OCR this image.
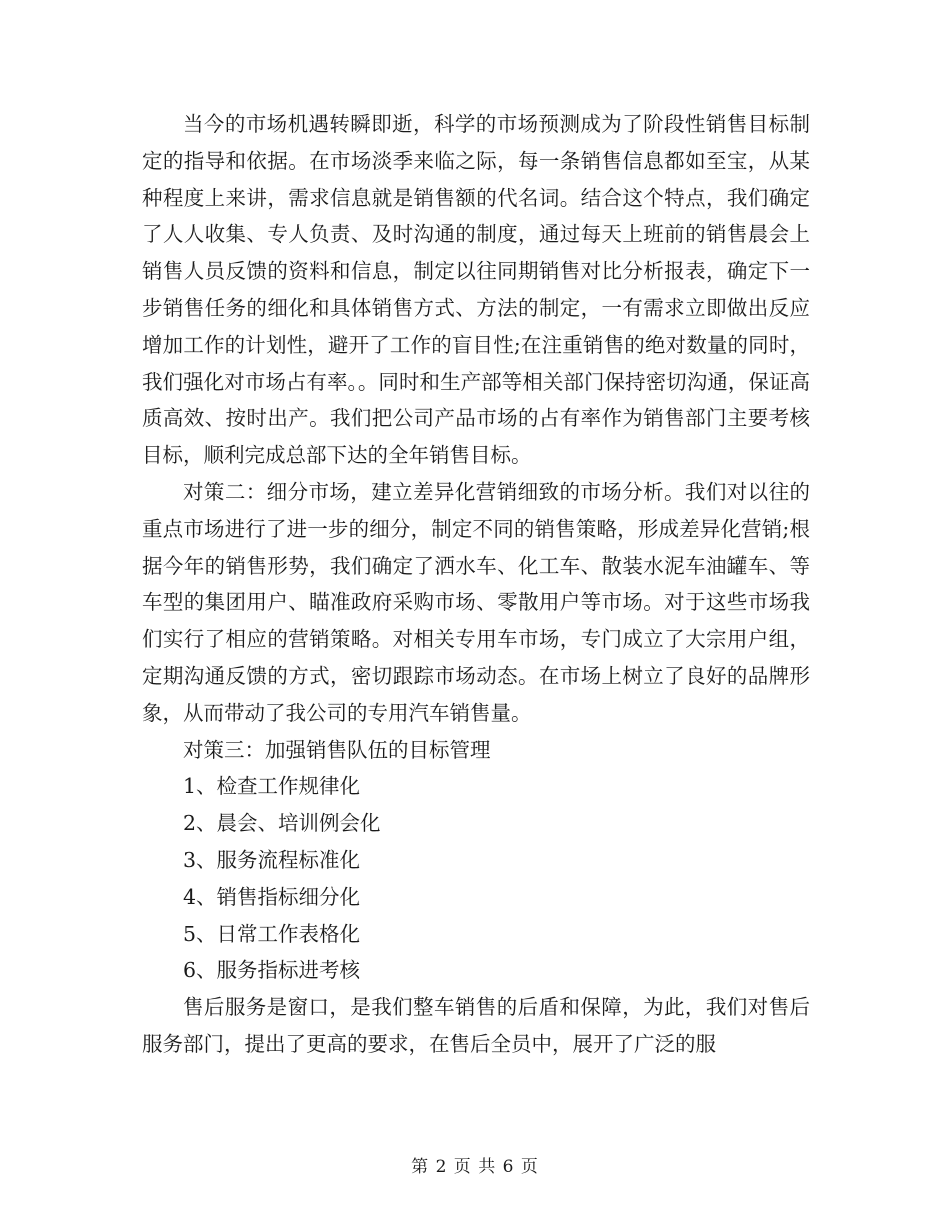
当今的市场机遇转瞬即逝，科学的市场预测成为了阶段性销售目标制定的指导和依据。在市场淡季来临之际，每一条销售信息都如至宝，从某种程度上来讲，需求信息就是销售额的代名词。结合这个特点，我们确定了人人收集、专人负责、及时沟通的制度，通过每天上班前的销售晨会上销售人员反馈的资料和信息，制定以往同期销售对比分析报表，确定下一步销售任务的细化和具体销售方式、方法的制定，一有需求立即做出反应增加工作的计划性，避开了工作的盲目性;在注重销售的绝对数量的同时，我们强化对市场占有率。。同时和生产部等相关部门保持密切沟通，保证高质高效、按时出产。我们把公司产品市场的占有率作为销售部门主要考核目标，顺利完成总部下达的全年销售目标。

对策二：细分市场，建立差异化营销细致的市场分析。我们对以往的重点市场进行了进一步的细分，制定不同的销售策略，形成差异化营销;根据今年的销售形势，我们确定了洒水车、化工车、散装水泥车油罐车、等车型的集团用户、瞄准政府采购市场、零散用户等市场。对于这些市场我们实行了相应的营销策略。对相关专用车市场，专门成立了大宗用户组，定期沟通反馈的方式，密切跟踪市场动态。在市场上树立了良好的品牌形象，从而带动了我公司的专用汽车销售量。

对策三：加强销售队伍的目标管理

1、检查工作规律化
2、晨会、培训例会化
3、服务流程标准化
4、销售指标细分化
5、日常工作表格化
6、服务指标进考核

售后服务是窗口，是我们整车销售的后盾和保障，为此，我们对售后服务部门，提出了更高的要求，在售后全员中，展开了广泛的服

第 2 页 共 6 页
